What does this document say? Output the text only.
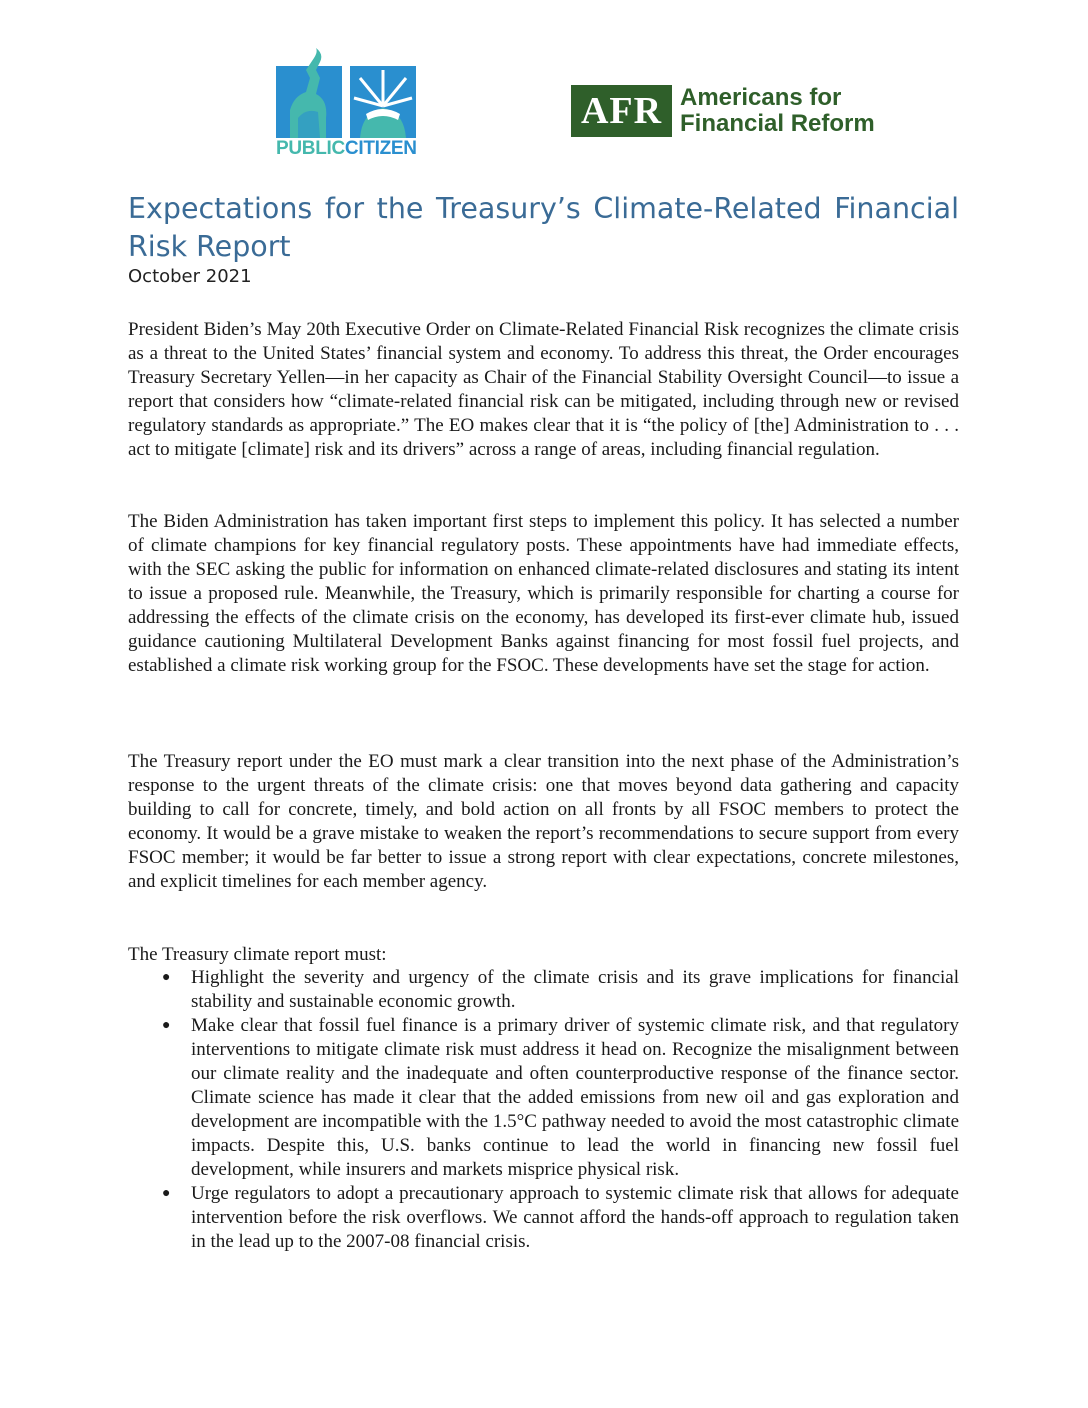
PUBLICCITIZEN
AFR Americans for
Financial Reform
Expectations for the Treasury’s Climate-Related Financial Risk Report
October 2021

President Biden’s May 20th Executive Order on Climate-Related Financial Risk recognizes the climate crisis as a threat to the United States’ financial system and economy. To address this threat, the Order encourages Treasury Secretary Yellen—in her capacity as Chair of the Financial Stability Oversight Council—to issue a report that considers how “climate-related financial risk can be mitigated, including through new or revised regulatory standards as appropriate.” The EO makes clear that it is “the policy of [the] Administration to . . . act to mitigate [climate] risk and its drivers” across a range of areas, including financial regulation.

The Biden Administration has taken important first steps to implement this policy. It has selected a number of climate champions for key financial regulatory posts. These appointments have had immediate effects, with the SEC asking the public for information on enhanced climate-related disclosures and stating its intent to issue a proposed rule. Meanwhile, the Treasury, which is primarily responsible for charting a course for addressing the effects of the climate crisis on the economy, has developed its first-ever climate hub, issued guidance cautioning Multilateral Development Banks against financing for most fossil fuel projects, and established a climate risk working group for the FSOC. These developments have set the stage for action.

The Treasury report under the EO must mark a clear transition into the next phase of the Administration’s response to the urgent threats of the climate crisis: one that moves beyond data gathering and capacity building to call for concrete, timely, and bold action on all fronts by all FSOC members to protect the economy. It would be a grave mistake to weaken the report’s recommendations to secure support from every FSOC member; it would be far better to issue a strong report with clear expectations, concrete milestones, and explicit timelines for each member agency.

The Treasury climate report must:

● Highlight the severity and urgency of the climate crisis and its grave implications for financial stability and sustainable economic growth.
● Make clear that fossil fuel finance is a primary driver of systemic climate risk, and that regulatory interventions to mitigate climate risk must address it head on. Recognize the misalignment between our climate reality and the inadequate and often counterproductive response of the finance sector. Climate science has made it clear that the added emissions from new oil and gas exploration and development are incompatible with the 1.5°C pathway needed to avoid the most catastrophic climate impacts. Despite this, U.S. banks continue to lead the world in financing new fossil fuel development, while insurers and markets misprice physical risk.
● Urge regulators to adopt a precautionary approach to systemic climate risk that allows for adequate intervention before the risk overflows. We cannot afford the hands-off approach to regulation taken in the lead up to the 2007-08 financial crisis.
